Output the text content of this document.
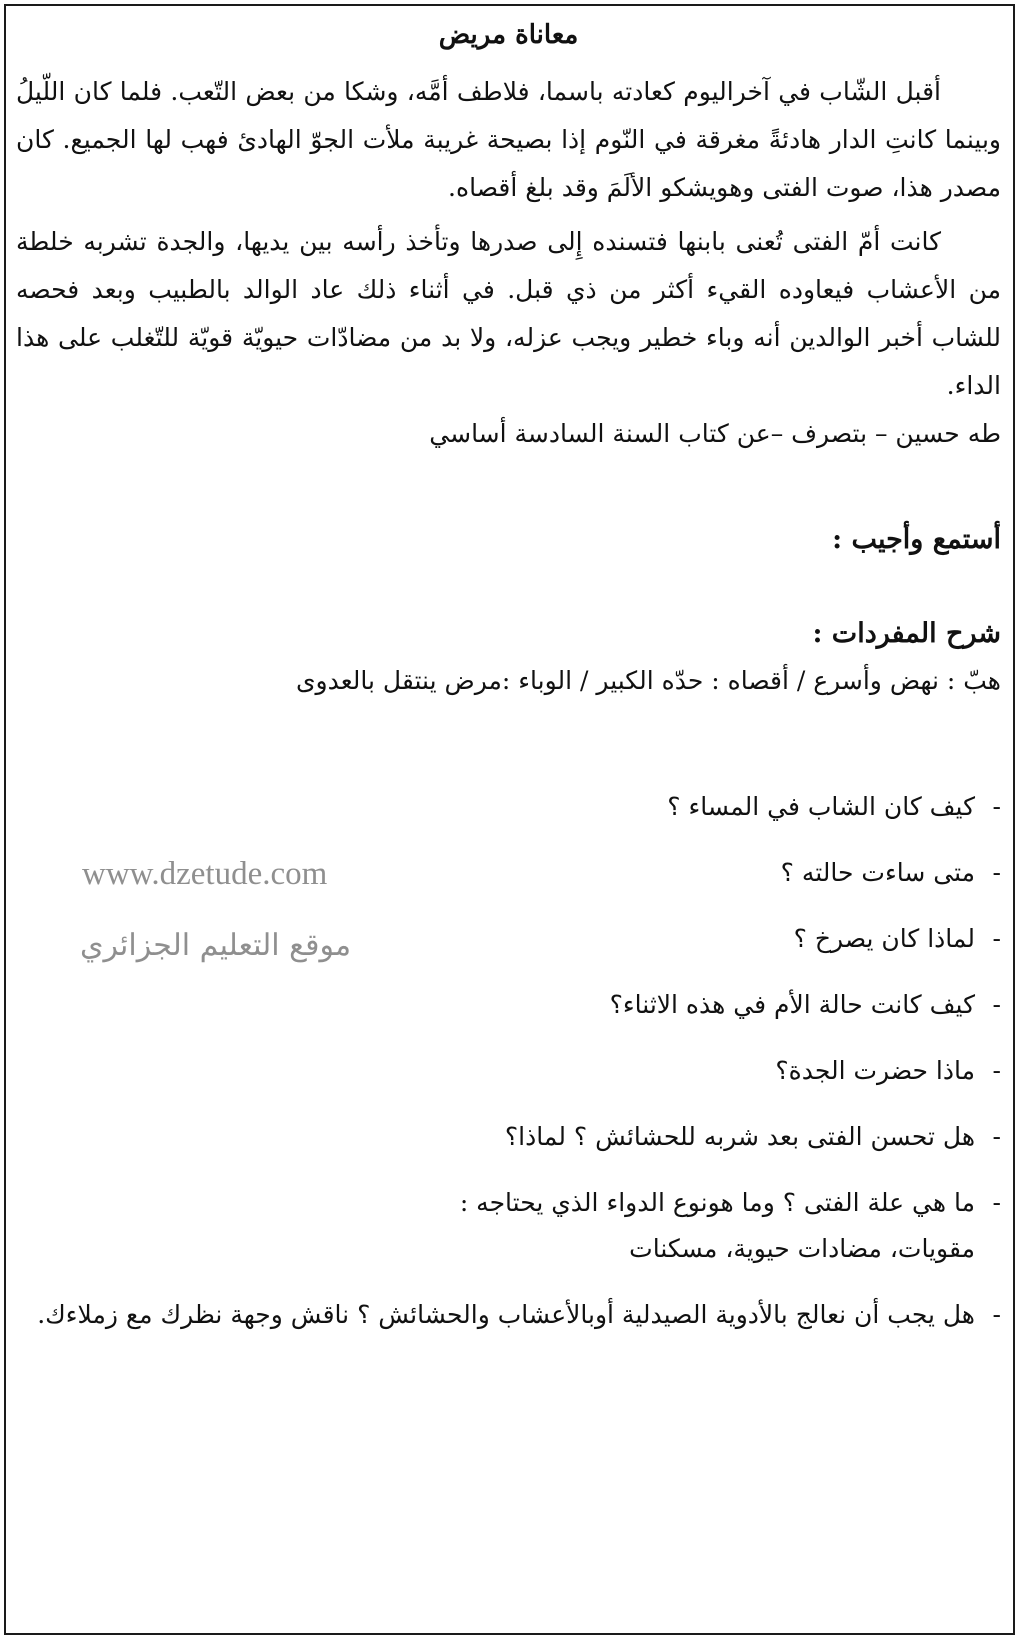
معاناة مريض

أقبل الشّاب في آخراليوم كعادته باسما، فلاطف أمَّه، وشكا من بعض التّعب. فلما كان اللّيلُ وبينما كانتِ الدار هادئةً مغرقة في النّوم إذا بصيحة غريبة ملأت الجوّ الهادئ فهب لها الجميع. كان مصدر هذا، صوت الفتى وهويشكو الألَمَ وقد بلغ أقصاه.

كانت أمّ الفتى تُعنى بابنها فتسنده إِلى صدرها وتأخذ رأسه بين يديها، والجدة تشربه خلطة من الأعشاب فيعاوده القيء أكثر من ذي قبل. في أثناء ذلك عاد الوالد بالطبيب وبعد فحصه للشاب أخبر الوالدين أنه وباء خطير ويجب عزله، ولا بد من مضادّات حيويّة قويّة للتّغلب على هذا الداء.

طه حسين – بتصرف –عن كتاب السنة السادسة أساسي

أستمع وأجيب :

شرح المفردات :

هبّ : نهض وأسرع / أقصاه : حدّه الكبير / الوباء :مرض ينتقل بالعدوى

-
كيف كان الشاب في المساء ؟
-
متى ساءت حالته ؟
-
لماذا كان يصرخ ؟
-
كيف كانت حالة الأم في هذه الاثناء؟
-
ماذا حضرت الجدة؟
-
هل تحسن الفتى بعد شربه للحشائش ؟ لماذا؟
-
ما هي علة الفتى ؟ وما هونوع الدواء الذي يحتاجه :
مقويات، مضادات حيوية، مسكنات
-
هل يجب أن نعالج بالأدوية الصيدلية أوبالأعشاب والحشائش ؟ ناقش وجهة نظرك مع زملاءك.
www.dzetude.com
موقع التعليم الجزائري
